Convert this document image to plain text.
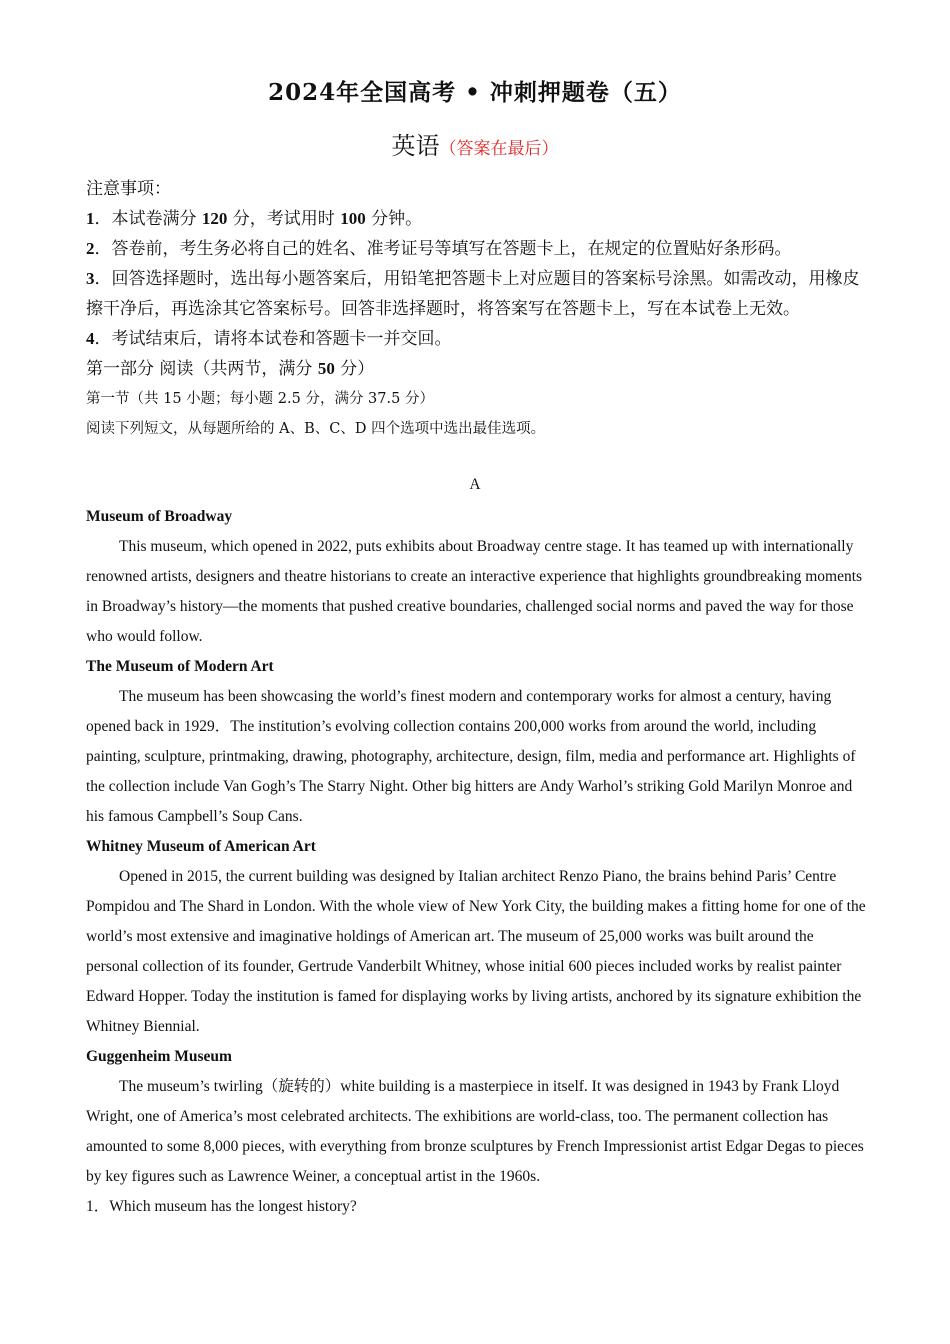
2024年全国高考 • 冲刺押题卷（五）
英语（答案在最后）

注意事项：

1．本试卷满分 120 分，考试用时 100 分钟。

2．答卷前，考生务必将自己的姓名、准考证号等填写在答题卡上，在规定的位置贴好条形码。

3．回答选择题时，选出每小题答案后，用铅笔把答题卡上对应题目的答案标号涂黑。如需改动，用橡皮擦干净后，再选涂其它答案标号。回答非选择题时，将答案写在答题卡上，写在本试卷上无效。

4．考试结束后，请将本试卷和答题卡一并交回。

第一部分 阅读（共两节，满分 50 分）

第一节（共 15 小题；每小题 2.5 分，满分 37.5 分）

阅读下列短文，从每题所给的 A、B、C、D 四个选项中选出最佳选项。

A
Museum of Broadway

This museum, which opened in 2022, puts exhibits about Broadway centre stage. It has teamed up with internationally renowned artists, designers and theatre historians to create an interactive experience that highlights groundbreaking moments in Broadway’s history—the moments that pushed creative boundaries, challenged social norms and paved the way for those who would follow.

The Museum of Modern Art

The museum has been showcasing the world’s finest modern and contemporary works for almost a century, having opened back in 1929．The institution’s evolving collection contains 200,000 works from around the world, including painting, sculpture, printmaking, drawing, photography, architecture, design, film, media and performance art. Highlights of the collection include Van Gogh’s The Starry Night. Other big hitters are Andy Warhol’s striking Gold Marilyn Monroe and his famous Campbell’s Soup Cans.

Whitney Museum of American Art

Opened in 2015, the current building was designed by Italian architect Renzo Piano, the brains behind Paris’ Centre Pompidou and The Shard in London. With the whole view of New York City, the building makes a fitting home for one of the world’s most extensive and imaginative holdings of American art. The museum of 25,000 works was built around the personal collection of its founder, Gertrude Vanderbilt Whitney, whose initial 600 pieces included works by realist painter Edward Hopper. Today the institution is famed for displaying works by living artists, anchored by its signature exhibition the Whitney Biennial.

Guggenheim Museum

The museum’s twirling（旋转的）white building is a masterpiece in itself. It was designed in 1943 by Frank Lloyd Wright, one of America’s most celebrated architects. The exhibitions are world-class, too. The permanent collection has amounted to some 8,000 pieces, with everything from bronze sculptures by French Impressionist artist Edgar Degas to pieces by key figures such as Lawrence Weiner, a conceptual artist in the 1960s.

1．Which museum has the longest history?
